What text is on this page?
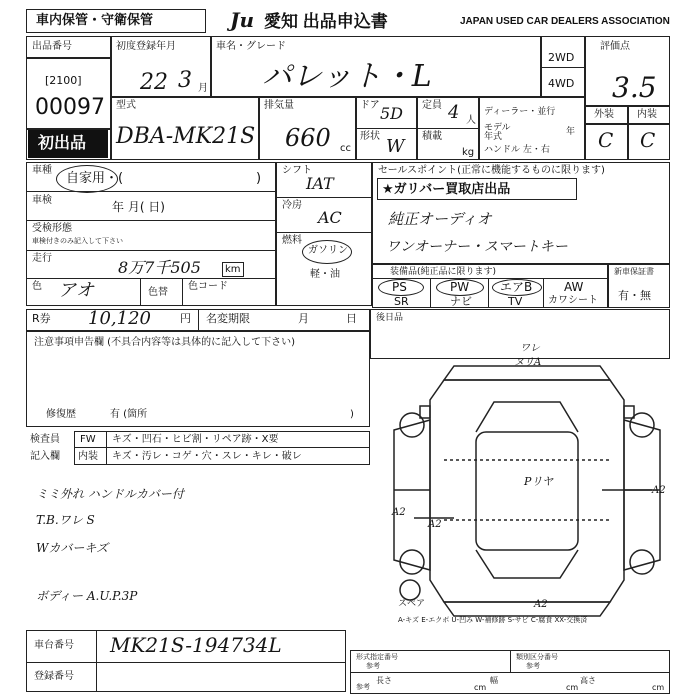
車内保管・守衛保管	Ju 愛知 出品申込書	JAPAN USED CAR DEALERS ASSOCIATION
出品番号
[2100]
00097
初出品
初度登録年月
22 3 月
車名・グレード
パレット・L
2WD
4WD
評価点
3.5
外装 内装
C C
型式
DBA-MK21S
排気量
660 cc
ドア 5D
形状 W
定員 4 人
積載
kg
ディーラー・並行
モデル年式	年
ハンドル 左・右
車種
自家用・(	)
車検	年 月( 日)
受検形態
車検付きのみ記入して下さい
走行	8万7千505 km
色 アオ	色替
色コード
シフト
IAT
冷房
AC
燃料
ガソリン
軽・油
セールスポイント(正常に機能するものに限ります)
★ガリバー買取店出品
純正オーディオ
ワンオーナー・スマートキー
装備品(純正品に限ります)
PS	PW	エアB	AW
SR	ナビ	TV	カワシート
新車保証書
有・無
R券 10,120	円 名変期限	月	日 後日品
注意事項申告欄 (不具合内容等は具体的に記入して下さい)
修復歴	有 (箇所	)
検査員
記入欄
FW キズ・凹石・ヒビ割・リペア跡・X要
内装 キズ・汚レ・コゲ・穴・スレ・キレ・破レ
ミミ外れ ハンドルカバー付
T.B.ワレ S
Wカバーキズ
ボディー A.U.P.3P
ワレ
ヌリA
Pリヤ
A2
A2
A2
スペア	A2
A-キズ E-エクボ U-凹み W-補修跡 S-サビ C-腐食 XX-交換済
車台番号 MK21S-194734L
登録番号
形式指定番号
参考
類別区分番号
参考
参考
長さ
cm
幅
cm
高さ
cm
